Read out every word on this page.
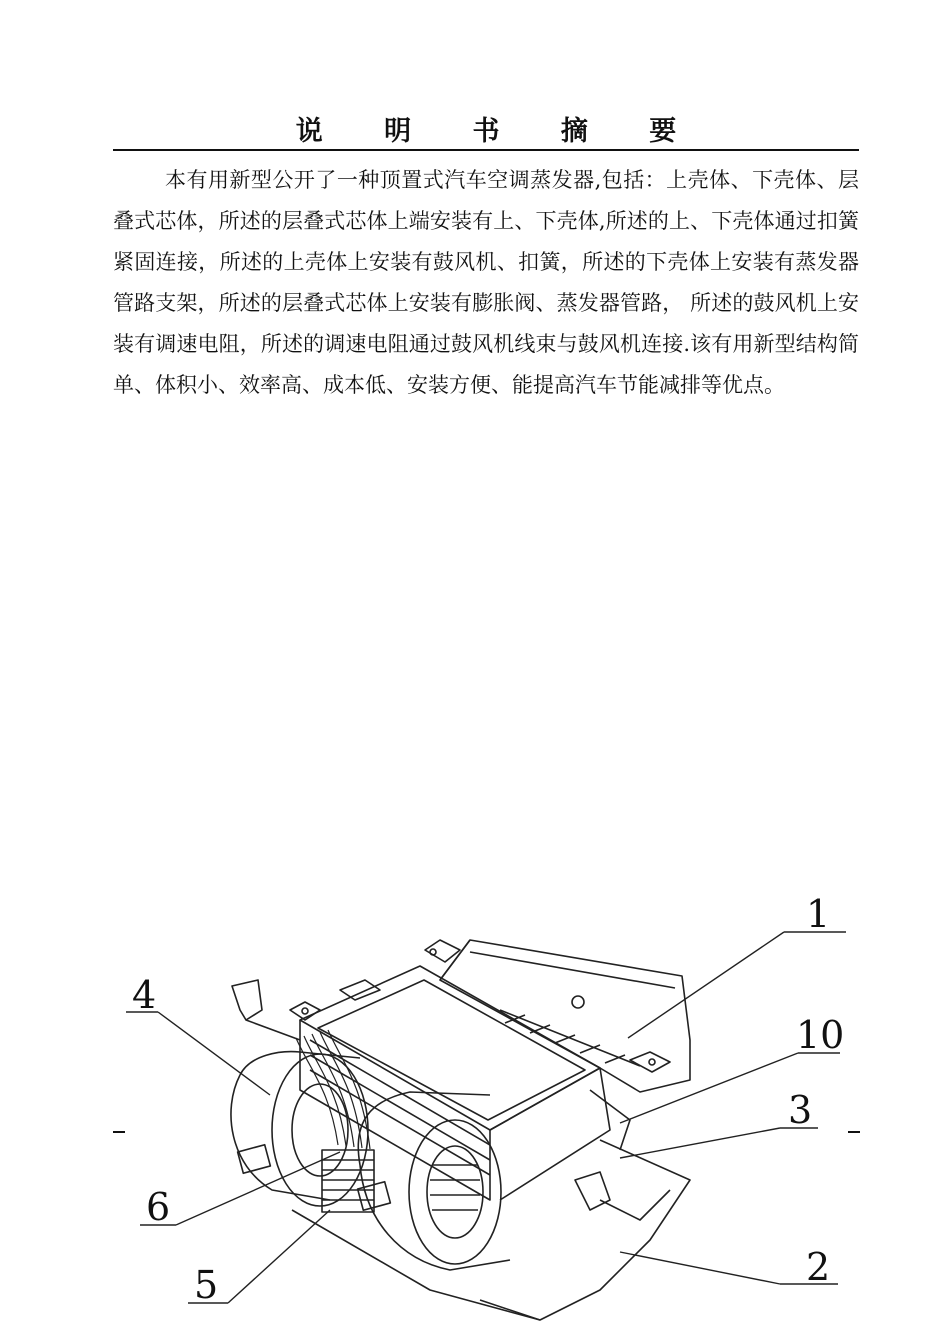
说 明 书 摘 要

本有用新型公开了一种顶置式汽车空调蒸发器,包括：上壳体、下壳体、层叠式芯体，所述的层叠式芯体上端安装有上、下壳体,所述的上、下壳体通过扣簧紧固连接，所述的上壳体上安装有鼓风机、扣簧，所述的下壳体上安装有蒸发器管路支架，所述的层叠式芯体上安装有膨胀阀、蒸发器管路， 所述的鼓风机上安装有调速电阻，所述的调速电阻通过鼓风机线束与鼓风机连接.该有用新型结构简单、体积小、效率高、成本低、安装方便、能提高汽车节能减排等优点。

1
10
3
2
4
6
5
